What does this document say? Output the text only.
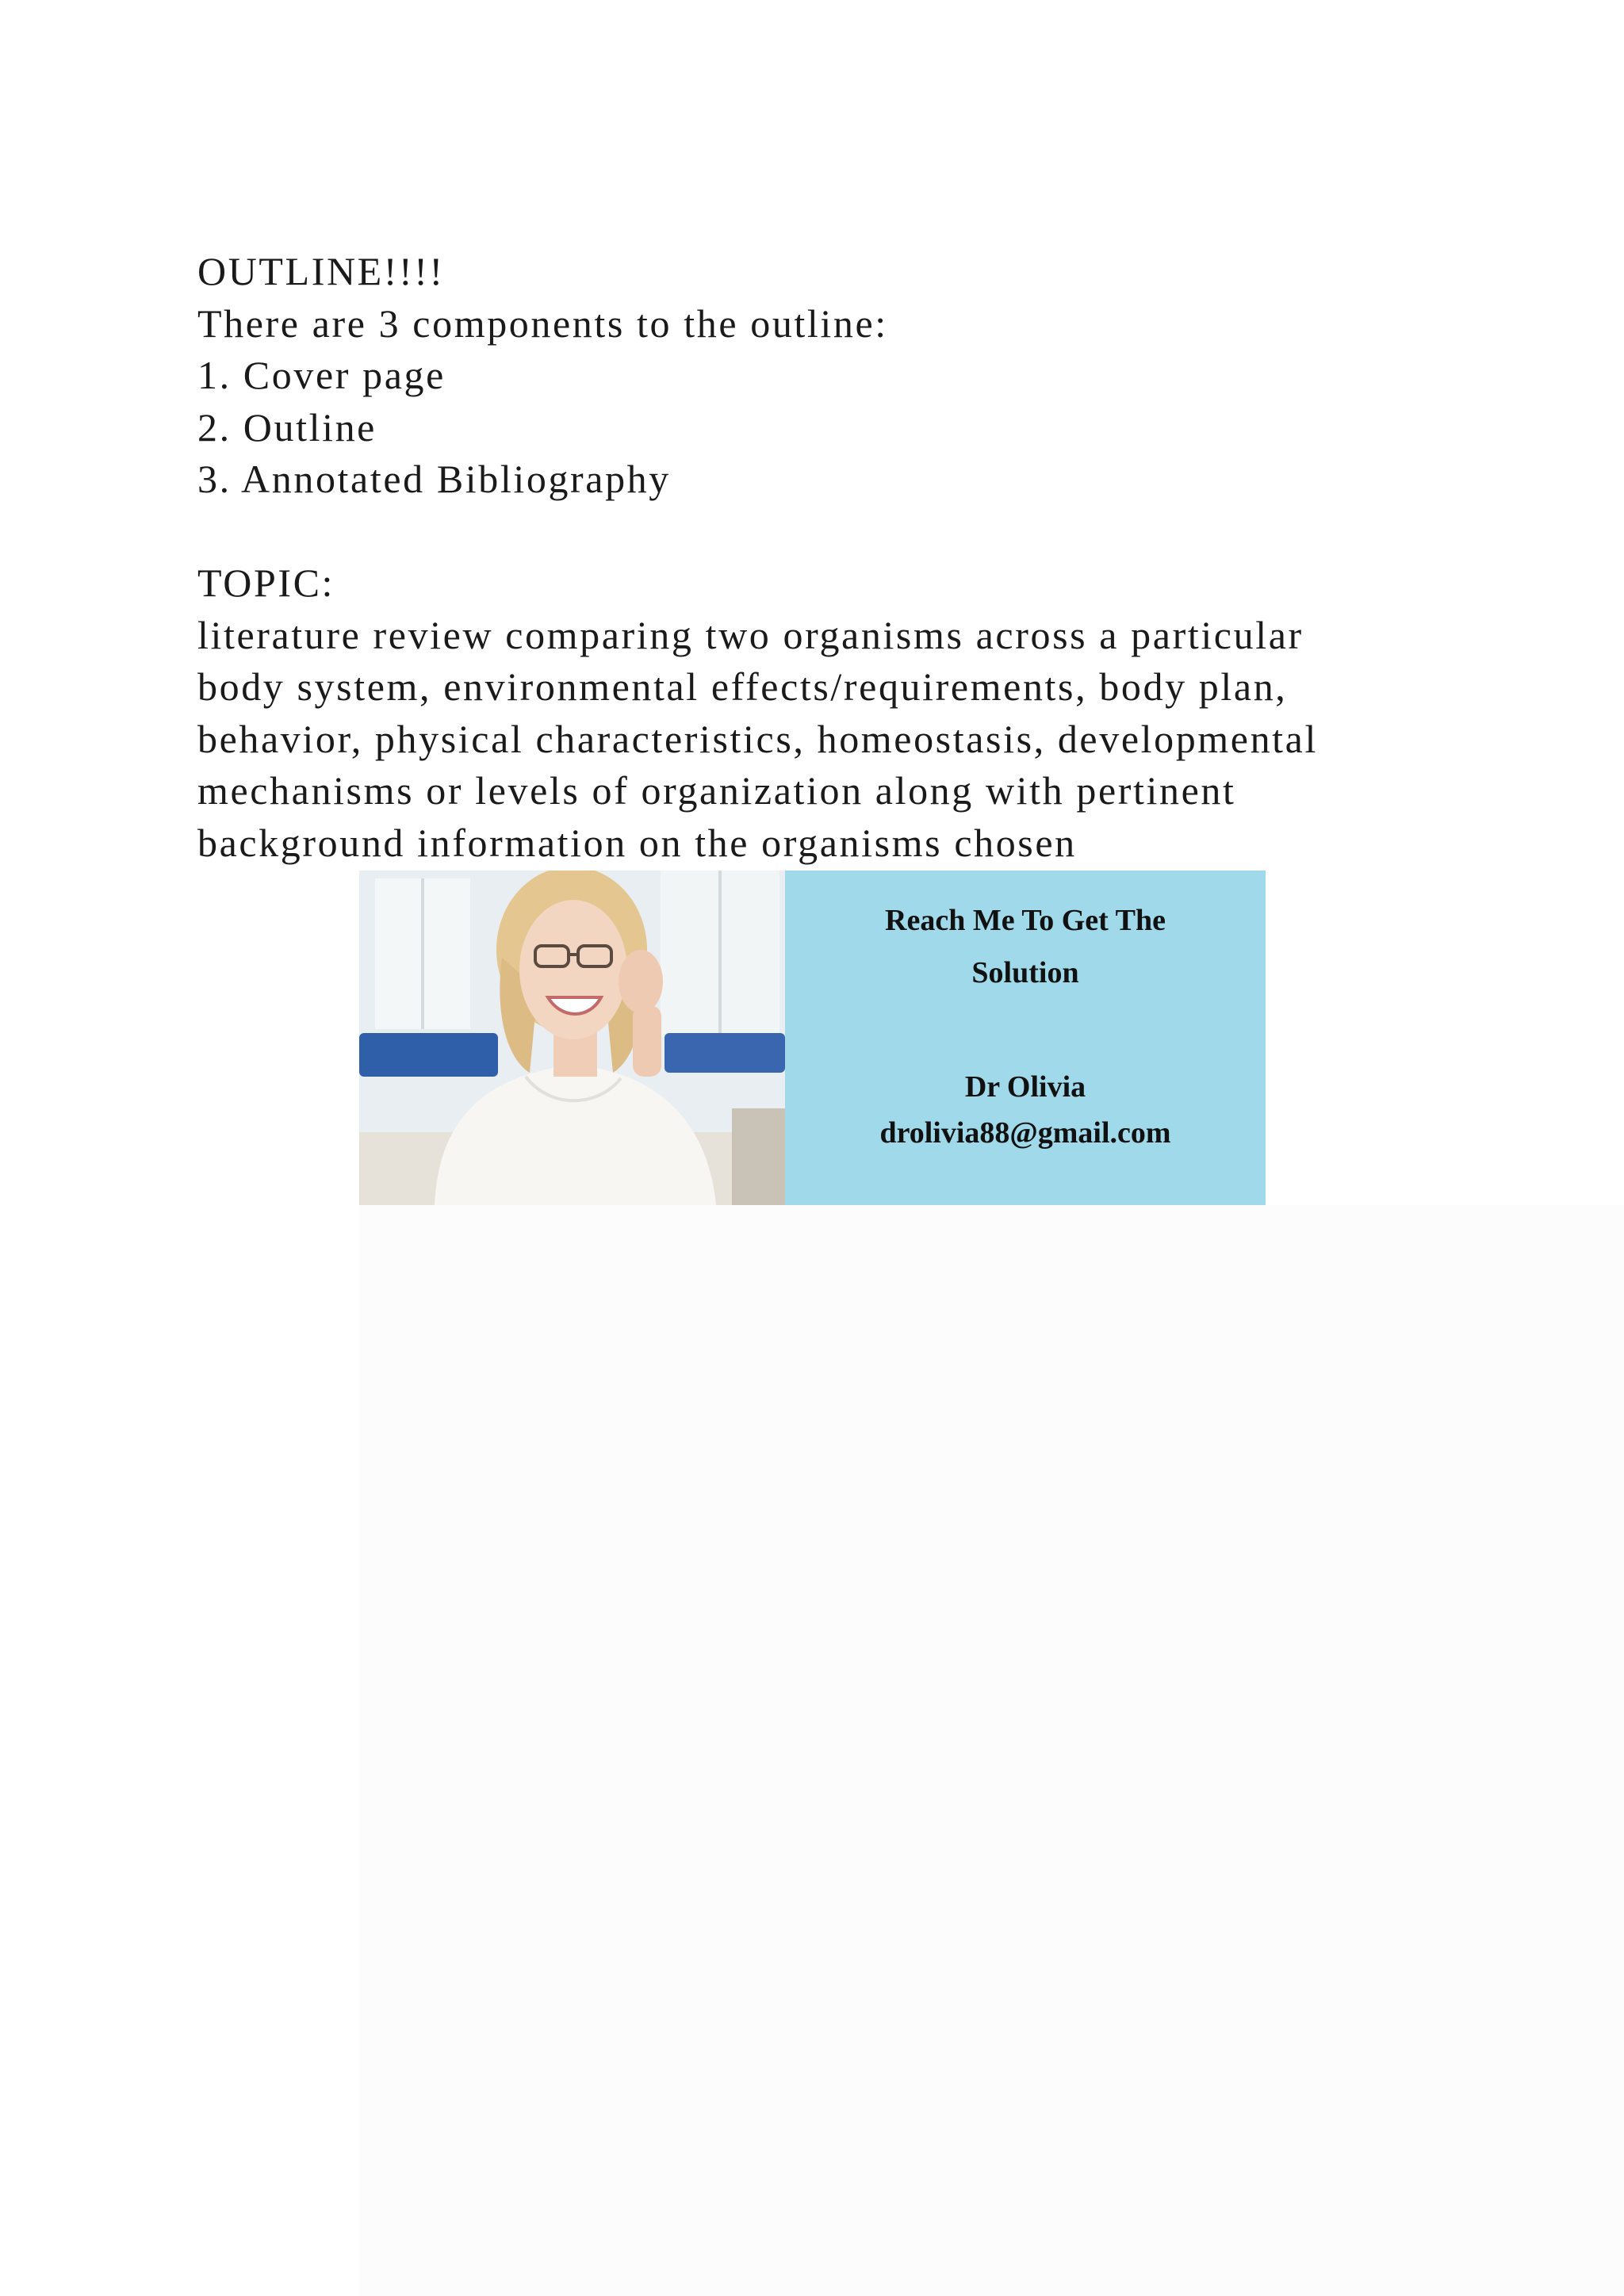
OUTLINE!!!!
There are 3 components to the outline:
1. Cover page
2. Outline
3. Annotated Bibliography
TOPIC:
literature review comparing two organisms across a particular
body system, environmental effects/requirements, body plan,
behavior, physical characteristics, homeostasis, developmental
mechanisms or levels of organization along with pertinent
background information on the organisms chosen
Reach Me To Get The
Solution
Dr Olivia
drolivia88@gmail.com
